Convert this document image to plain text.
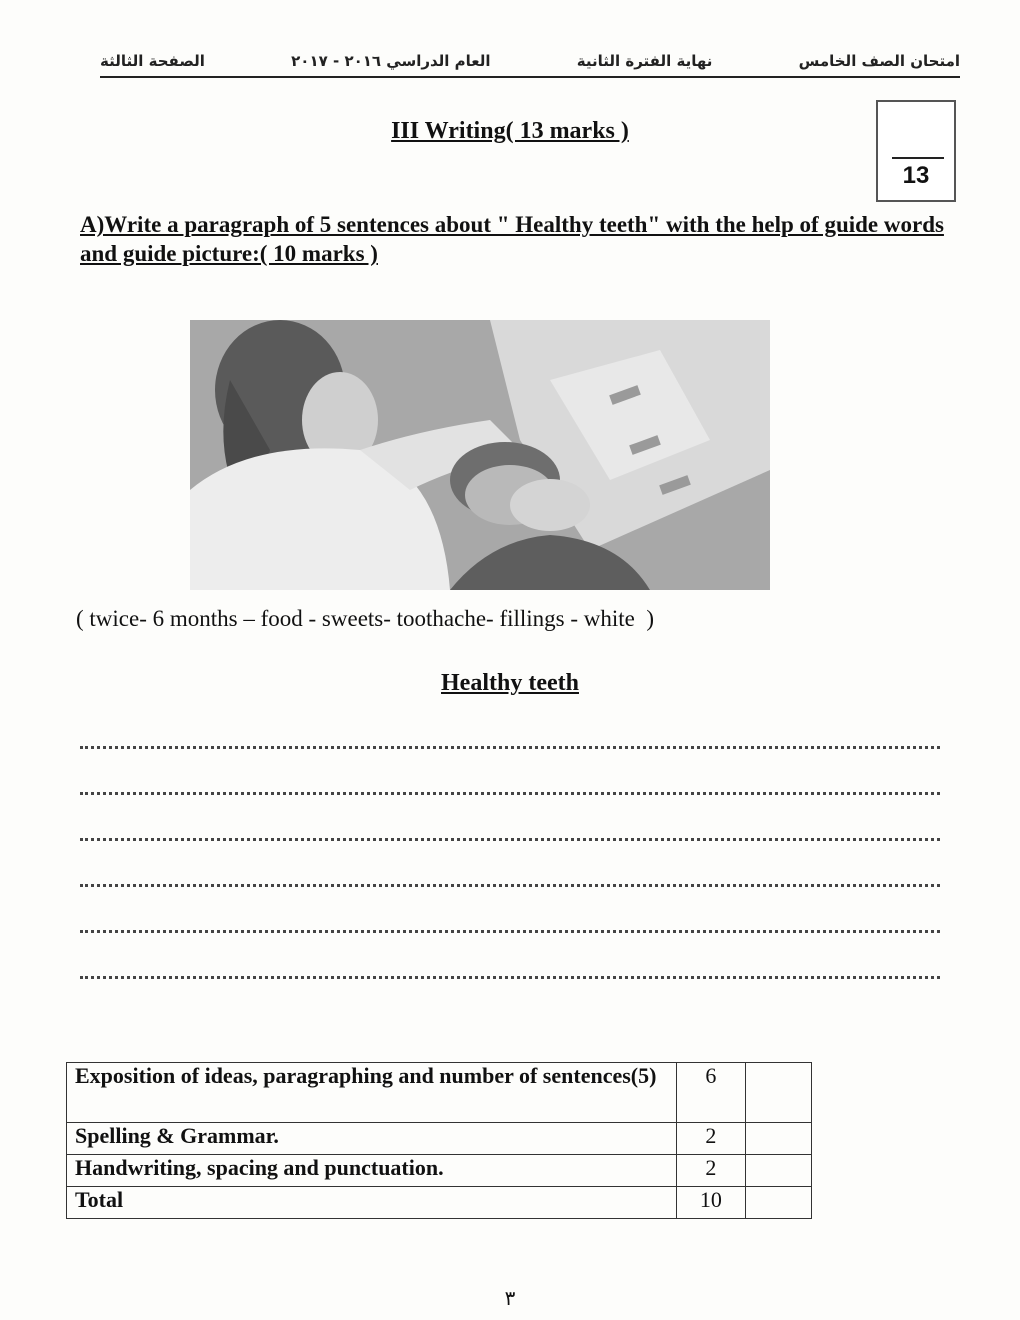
امتحان الصف الخامس
نهاية الفترة الثانية
العام الدراسي ٢٠١٦ - ٢٠١٧
الصفحة الثالثة
III Writing( 13 marks )
13
A)Write a paragraph of 5 sentences about " Healthy teeth" with the help of guide words and guide picture:( 10 marks )
( twice- 6 months – food - sweets- toothache- fillings - white  )
Healthy teeth
Exposition of ideas, paragraphing and number of sentences(5)	6	
Spelling & Grammar.	2	
Handwriting, spacing and punctuation.	2	
Total	10	
٣
